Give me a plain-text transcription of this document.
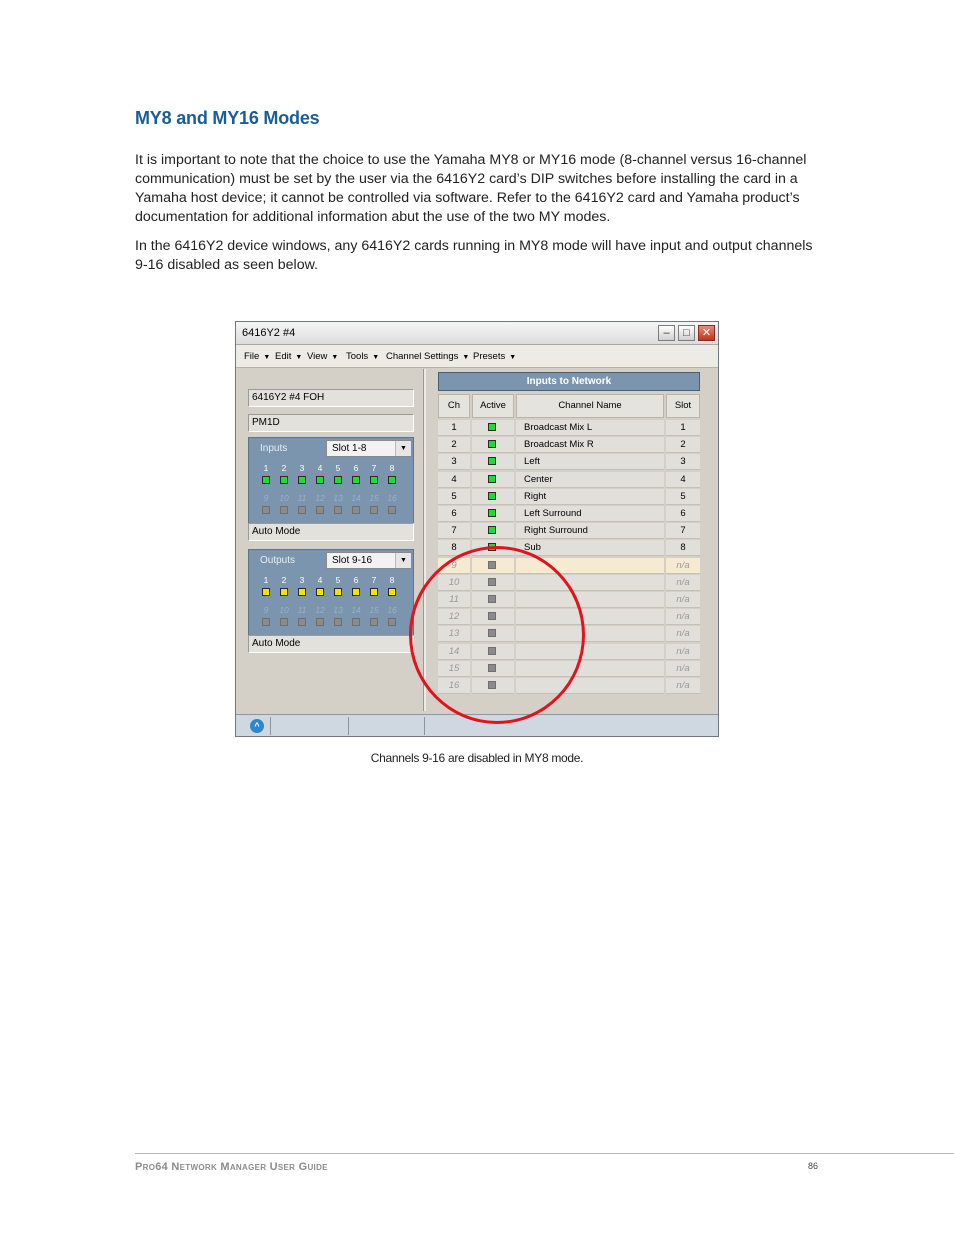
MY8 and MY16 Modes

It is important to note that the choice to use the Yamaha MY8 or MY16 mode (8-channel versus 16-channel communication) must be set by the user via the 6416Y2 card’s DIP switches before installing the card in a Yamaha host device; it cannot be controlled via software. Refer to the 6416Y2 card and Yamaha product’s documentation for additional information abut the use of the two MY modes.

In the 6416Y2 device windows, any 6416Y2 cards running in MY8 mode will have input and output channels 9-16 disabled as seen below.

6416Y2 #4	–	□	✕
File ▼ Edit ▼ View ▼ Tools ▼ Channel Settings ▼ Presets ▼
6416Y2 #4 FOH
PM1D
Inputs	Slot 1-8	▼
1
9
2
10
3
11
4
12
5
13
6
14
7
15
8
16
Auto Mode
Outputs	Slot 9-16	▼
1
9
2
10
3
11
4
12
5
13
6
14
7
15
8
16
Auto Mode
Inputs to Network
Ch	Active	Channel Name	Slot
1	Broadcast Mix L	1
2	Broadcast Mix R	2
3	Left	3
4	Center	4
5	Right	5
6	Left Surround	6
7	Right Surround	7
8	Sub	8
9	n/a
10	n/a
11	n/a
12	n/a
13	n/a
14	n/a
15	n/a
16	n/a
^
Channels 9-16 are disabled in MY8 mode.
Pro64 Network Manager User Guide	86
